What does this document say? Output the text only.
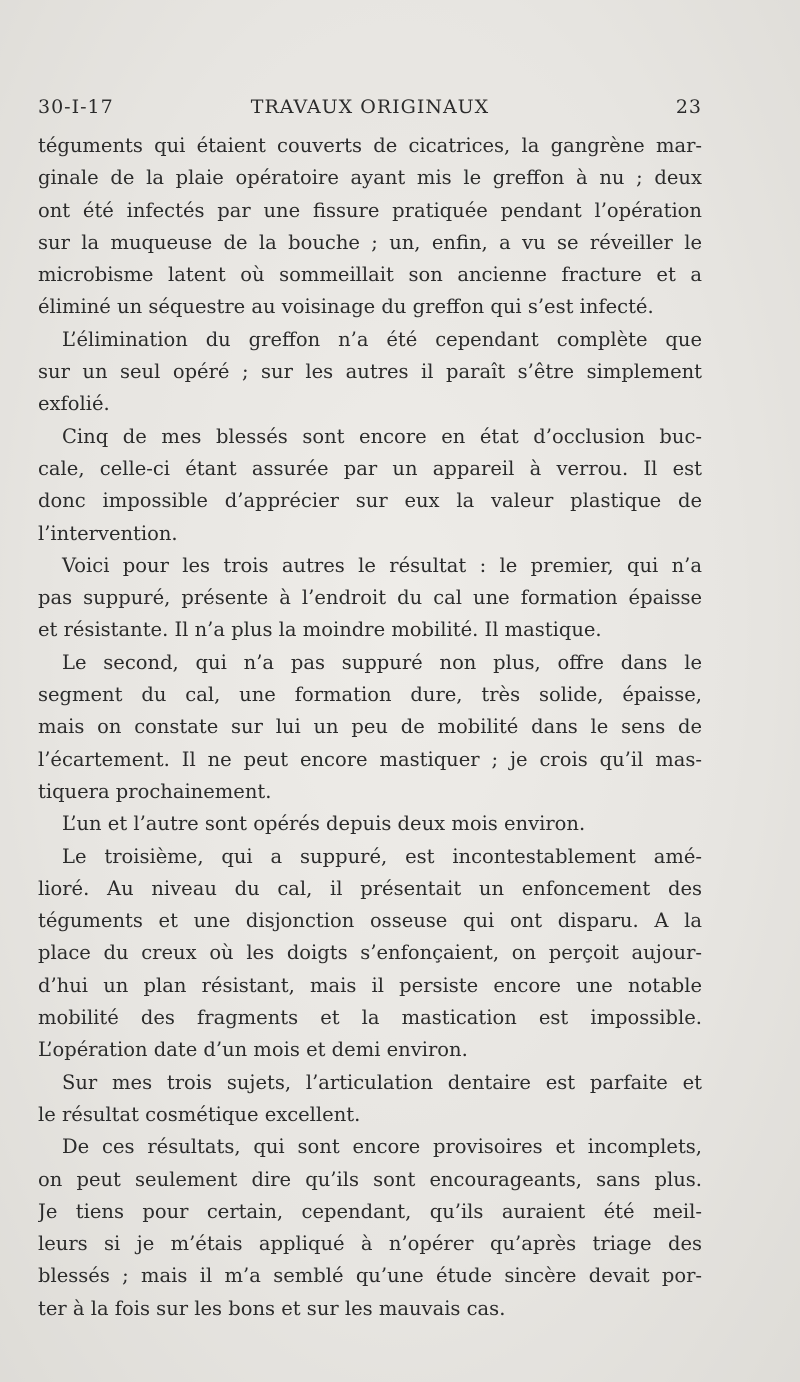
30-I-17	TRAVAUX ORIGINAUX	23
téguments qui étaient couverts de cicatrices, la gangrène mar-
ginale de la plaie opératoire ayant mis le greffon à nu ; deux
ont été infectés par une fissure pratiquée pendant l’opération
sur la muqueuse de la bouche ; un, enfin, a vu se réveiller le
microbisme latent où sommeillait son ancienne fracture et a
éliminé un séquestre au voisinage du greffon qui s’est infecté.
L’élimination du greffon n’a été cependant complète que
sur un seul opéré ; sur les autres il paraît s’être simplement
exfolié.
Cinq de mes blessés sont encore en état d’occlusion buc-
cale, celle-ci étant assurée par un appareil à verrou. Il est
donc impossible d’apprécier sur eux la valeur plastique de
l’intervention.
Voici pour les trois autres le résultat : le premier, qui n’a
pas suppuré, présente à l’endroit du cal une formation épaisse
et résistante. Il n’a plus la moindre mobilité. Il mastique.
Le second, qui n’a pas suppuré non plus, offre dans le
segment du cal, une formation dure, très solide, épaisse,
mais on constate sur lui un peu de mobilité dans le sens de
l’écartement. Il ne peut encore mastiquer ; je crois qu’il mas-
tiquera prochainement.
L’un et l’autre sont opérés depuis deux mois environ.
Le troisième, qui a suppuré, est incontestablement amé-
lioré. Au niveau du cal, il présentait un enfoncement des
téguments et une disjonction osseuse qui ont disparu. A la
place du creux où les doigts s’enfonçaient, on perçoit aujour-
d’hui un plan résistant, mais il persiste encore une notable
mobilité des fragments et la mastication est impossible.
L’opération date d’un mois et demi environ.
Sur mes trois sujets, l’articulation dentaire est parfaite et
le résultat cosmétique excellent.
De ces résultats, qui sont encore provisoires et incomplets,
on peut seulement dire qu’ils sont encourageants, sans plus.
Je tiens pour certain, cependant, qu’ils auraient été meil-
leurs si je m’étais appliqué à n’opérer qu’après triage des
blessés ; mais il m’a semblé qu’une étude sincère devait por-
ter à la fois sur les bons et sur les mauvais cas.
